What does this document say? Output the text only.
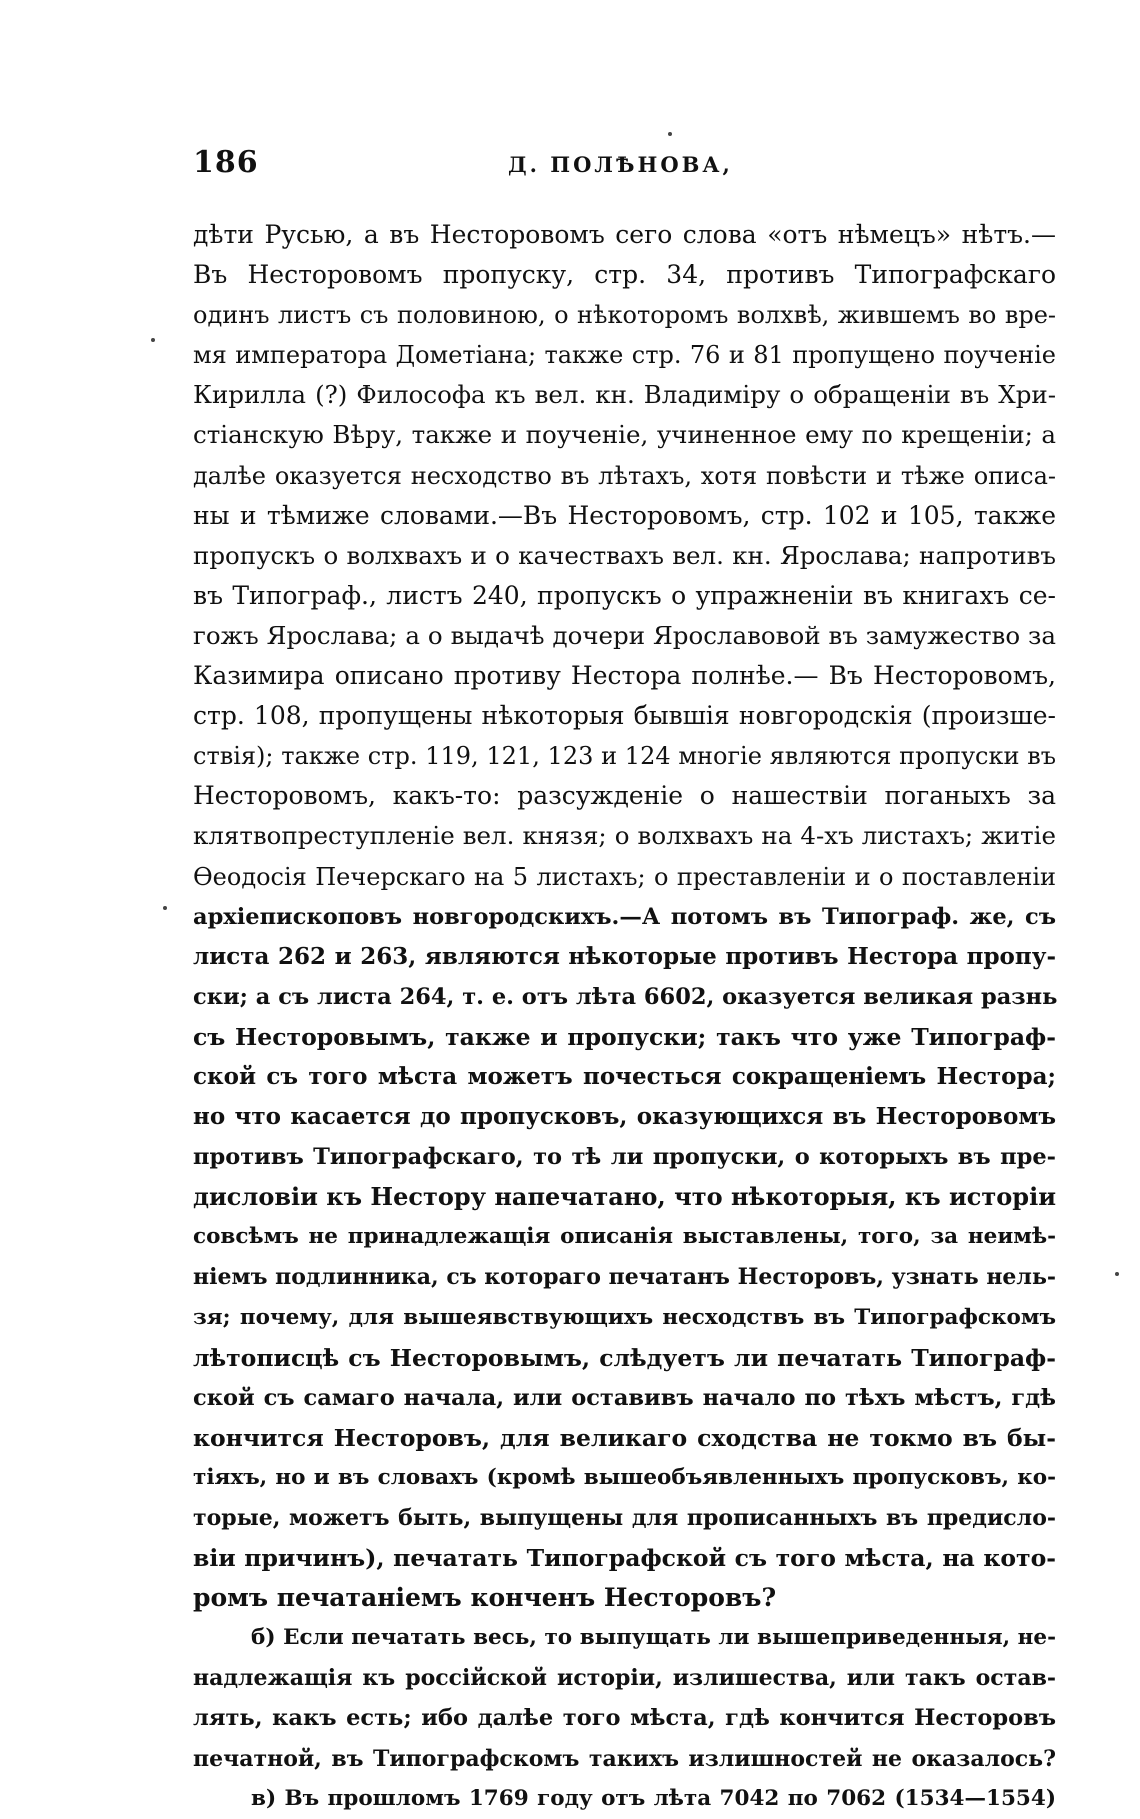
186	Д. ПОЛѢНОВА,
дѣти Русью, а въ Несторовомъ сего слова «отъ нѣмецъ» нѣтъ.—
Въ Несторовомъ пропуску, стр. 34, противъ Типографскаго
одинъ листъ съ половиною, о нѣкоторомъ волхвѣ, жившемъ во вре-
мя императора Дометіана; также стр. 76 и 81 пропущено поученіе
Кирилла (?) Философа къ вел. кн. Владиміру о обращеніи въ Хри-
стіанскую Вѣру, также и поученіе, учиненное ему по крещеніи; а
далѣе оказуется несходство въ лѣтахъ, хотя повѣсти и тѣже описа-
ны и тѣмиже словами.—Въ Несторовомъ, стр. 102 и 105, также
пропускъ о волхвахъ и о качествахъ вел. кн. Ярослава; напротивъ
въ Типограф., листъ 240, пропускъ о упражненіи въ книгахъ се-
гожъ Ярослава; а о выдачѣ дочери Ярославовой въ замужество за
Казимира описано противу Нестора полнѣе.— Въ Несторовомъ,
стр. 108, пропущены нѣкоторыя бывшія новгородскія (произше-
ствія); также стр. 119, 121, 123 и 124 многіе являются пропуски въ
Несторовомъ, какъ-то: разсужденіе о нашествіи поганыхъ за
клятвопреступленіе вел. князя; о волхвахъ на 4-хъ листахъ; житіе
Ѳеодосія Печерскаго на 5 листахъ; о преставленіи и о поставленіи
архіепископовъ новгородскихъ.—А потомъ въ Типограф. же, съ
листа 262 и 263, являются нѣкоторые противъ Нестора пропу-
ски; а съ листа 264, т. е. отъ лѣта 6602, оказуется великая разнь
съ Несторовымъ, также и пропуски; такъ что уже Типограф-
ской съ того мѣста можетъ почесться сокращеніемъ Нестора;
но что касается до пропусковъ, оказующихся въ Несторовомъ
противъ Типографскаго, то тѣ ли пропуски, о которыхъ въ пре-
дисловіи къ Нестору напечатано, что нѣкоторыя, къ исторіи
совсѣмъ не принадлежащія описанія выставлены, того, за неимѣ-
ніемъ подлинника, съ котораго печатанъ Несторовъ, узнать нель-
зя; почему, для вышеявствующихъ несходствъ въ Типографскомъ
лѣтописцѣ съ Несторовымъ, слѣдуетъ ли печатать Типограф-
ской съ самаго начала, или оставивъ начало по тѣхъ мѣстъ, гдѣ
кончится Несторовъ, для великаго сходства не токмо въ бы-
тіяхъ, но и въ словахъ (кромѣ вышеобъявленныхъ пропусковъ, ко-
торые, можетъ быть, выпущены для прописанныхъ въ предисло-
віи причинъ), печатать Типографской съ того мѣста, на кото-
ромъ печатаніемъ конченъ Несторовъ?
б) Если печатать весь, то выпущать ли вышеприведенныя, не-
надлежащія къ россійской исторіи, излишества, или такъ остав-
лять, какъ есть; ибо далѣе того мѣста, гдѣ кончится Несторовъ
печатной, въ Типографскомъ такихъ излишностей не оказалось?
в) Въ прошломъ 1769 году отъ лѣта 7042 по 7062 (1534—1554)
